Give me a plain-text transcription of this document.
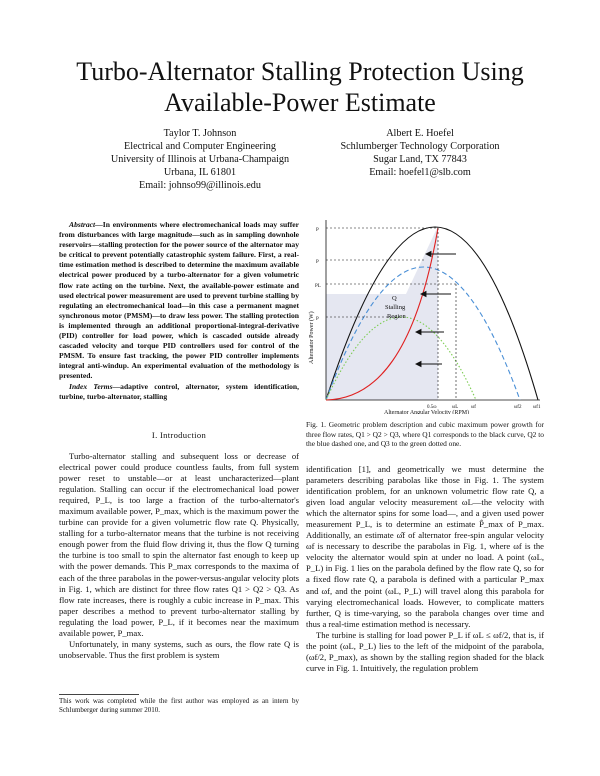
Turbo-Alternator Stalling Protection Using
Available-Power Estimate
Taylor T. Johnson
Electrical and Computer Engineering
University of Illinois at Urbana-Champaign
Urbana, IL 61801
Email: johnso99@illinois.edu
Albert E. Hoefel
Schlumberger Technology Corporation
Sugar Land, TX 77843
Email: hoefel1@slb.com
Abstract—In environments where electromechanical loads may suffer from disturbances with large magnitude—such as in sampling downhole reservoirs—stalling protection for the power source of the alternator may be critical to prevent potentially catastrophic system failure. First, a real-time estimation method is described to determine the maximum available electrical power produced by a turbo-alternator for a given volumetric flow rate acting on the turbine. Next, the available-power estimate and used electrical power measurement are used to prevent turbine stalling by regulating an electromechanical load—in this case a permanent magnet synchronous motor (PMSM)—to draw less power. The stalling protection is implemented through an additional proportional-integral-derivative (PID) controller for load power, which is cascaded outside already cascaded velocity and torque PID controllers used for control of the PMSM. To ensure fast tracking, the power PID controller implements integral anti-windup. An experimental evaluation of the methodology is presented.
Index Terms—adaptive control, alternator, system identification, turbine, turbo-alternator, stalling
I. Introduction

Turbo-alternator stalling and subsequent loss or decrease of electrical power could produce countless faults, from full system power reset to unstable—or at least uncharacterized—plant regulation. Stalling can occur if the electromechanical load power required, P_L, is too large a fraction of the turbo-alternator's maximum available power, P_max, which is the maximum power the turbine can provide for a given volumetric flow rate Q. Physically, stalling for a turbo-alternator means that the turbine is not receiving enough power from the fluid flow driving it, thus the flow Q turning the turbine is too small to spin the alternator fast enough to keep up with the power demands. This P_max corresponds to the maxima of each of the three parabolas in the power-versus-angular velocity plots in Fig. 1, which are distinct for three flow rates Q1 > Q2 > Q3. As flow rate increases, there is roughly a cubic increase in P_max. This paper describes a method to prevent turbo-alternator stalling by regulating the load power, P_L, if it becomes near the maximum available power, P_max.

Unfortunately, in many systems, such as ours, the flow rate Q is unobservable. Thus the first problem is system

This work was completed while the first author was employed as an intern by Schlumberger during summer 2010.
Q
Stalling
Region
P
P
PL
P
0.5ω	ωL	ωf	ωf2 ωf1
Alternator Angular Velocity (RPM)
Alternator Power (W)
Fig. 1. Geometric problem description and cubic maximum power growth for three flow rates, Q1 > Q2 > Q3, where Q1 corresponds to the black curve, Q2 to the blue dashed one, and Q3 to the green dotted one.

identification [1], and geometrically we must determine the parameters describing parabolas like those in Fig. 1. The system identification problem, for an unknown volumetric flow rate Q, a given load angular velocity measurement ωL—the velocity with which the alternator spins for some load—, and a given used power measurement P_L, is to determine an estimate P̂_max of P_max. Additionally, an estimate ω̂f of alternator free-spin angular velocity ωf is necessary to describe the parabolas in Fig. 1, where ωf is the velocity the alternator would spin at under no load. A point (ωL, P_L) in Fig. 1 lies on the parabola defined by the flow rate Q, so for a fixed flow rate Q, a parabola is defined with a particular P_max and ωf, and the point (ωL, P_L) will travel along this parabola for varying electromechanical loads. However, to complicate matters further, Q is time-varying, so the parabola changes over time and thus a real-time estimation method is necessary.

The turbine is stalling for load power P_L if ωL ≤ ωf/2, that is, if the point (ωL, P_L) lies to the left of the midpoint of the parabola, (ωf/2, P_max), as shown by the stalling region shaded for the black curve in Fig. 1. Intuitively, the regulation problem
